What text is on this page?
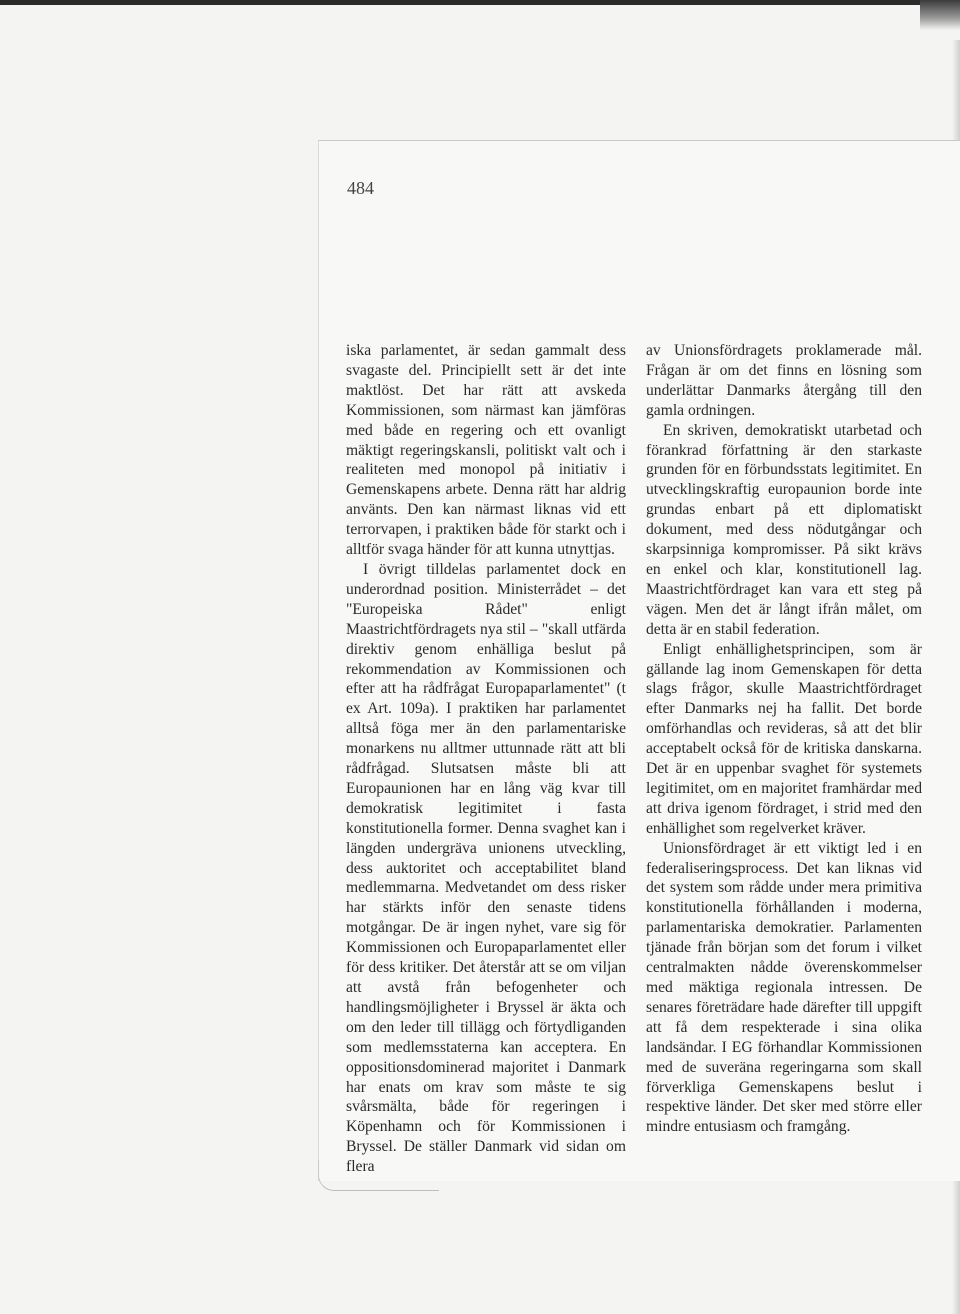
484

iska parlamentet, är sedan gammalt dess svagaste del. Principiellt sett är det inte maktlöst. Det har rätt att avskeda Kommissionen, som närmast kan jämföras med både en regering och ett ovanligt mäktigt regeringskansli, politiskt valt och i realiteten med monopol på initiativ i Gemenskapens arbete. Denna rätt har aldrig använts. Den kan närmast liknas vid ett terrorvapen, i praktiken både för starkt och i alltför svaga händer för att kunna utnyttjas.

I övrigt tilldelas parlamentet dock en underordnad position. Ministerrådet – det "Europeiska Rådet" enligt Maastrichtfördragets nya stil – "skall utfärda direktiv genom enhälliga beslut på rekommendation av Kommissionen och efter att ha rådfrågat Europaparlamentet" (t ex Art. 109a). I praktiken har parlamentet alltså föga mer än den parlamentariske monarkens nu alltmer uttunnade rätt att bli rådfrågad. Slutsatsen måste bli att Europaunionen har en lång väg kvar till demokratisk legitimitet i fasta konstitutionella former. Denna svaghet kan i längden undergräva unionens utveckling, dess auktoritet och acceptabilitet bland medlemmarna. Medvetandet om dess risker har stärkts inför den senaste tidens motgångar. De är ingen nyhet, vare sig för Kommissionen och Europaparlamentet eller för dess kritiker. Det återstår att se om viljan att avstå från befogenheter och handlingsmöjligheter i Bryssel är äkta och om den leder till tillägg och förtydliganden som medlemsstaterna kan acceptera. En oppositionsdominerad majoritet i Danmark har enats om krav som måste te sig svårsmälta, både för regeringen i Köpenhamn och för Kommissionen i Bryssel. De ställer Danmark vid sidan om flera

av Unionsfördragets proklamerade mål. Frågan är om det finns en lösning som underlättar Danmarks återgång till den gamla ordningen.

En skriven, demokratiskt utarbetad och förankrad författning är den starkaste grunden för en förbundsstats legitimitet. En utvecklingskraftig europaunion borde inte grundas enbart på ett diplomatiskt dokument, med dess nödutgångar och skarpsinniga kompromisser. På sikt krävs en enkel och klar, konstitutionell lag. Maastrichtfördraget kan vara ett steg på vägen. Men det är långt ifrån målet, om detta är en stabil federation.

Enligt enhällighetsprincipen, som är gällande lag inom Gemenskapen för detta slags frågor, skulle Maastrichtfördraget efter Danmarks nej ha fallit. Det borde omförhandlas och revideras, så att det blir acceptabelt också för de kritiska danskarna. Det är en uppenbar svaghet för systemets legitimitet, om en majoritet framhärdar med att driva igenom fördraget, i strid med den enhällighet som regelverket kräver.

Unionsfördraget är ett viktigt led i en federaliseringsprocess. Det kan liknas vid det system som rådde under mera primitiva konstitutionella förhållanden i moderna, parlamentariska demokratier. Parlamenten tjänade från början som det forum i vilket centralmakten nådde överenskommelser med mäktiga regionala intressen. De senares företrädare hade därefter till uppgift att få dem respekterade i sina olika landsändar. I EG förhandlar Kommissionen med de suveräna regeringarna som skall förverkliga Gemenskapens beslut i respektive länder. Det sker med större eller mindre entusiasm och framgång.
